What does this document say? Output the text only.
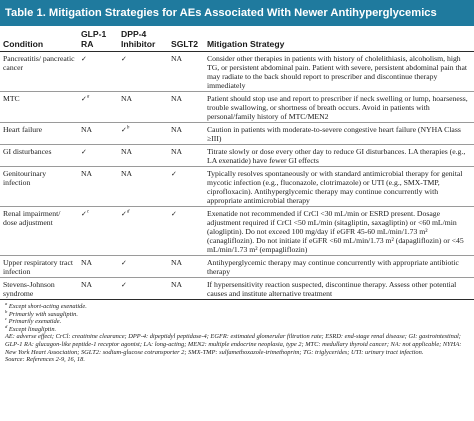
Table 1. Mitigation Strategies for AEs Associated With Newer Antihyperglycemics
Condition	GLP-1 RA	DPP-4 Inhibitor	SGLT2	Mitigation Strategy
Pancreatitis/ pancreatic cancer	✓	✓	NA	Consider other therapies in patients with history of cholelithiasis, alcoholism, high TG, or persistent abdominal pain. Patient with severe, persistent abdominal pain that may radiate to the back should report to prescriber and discontinue therapy immediately
MTC	✓$^a$	NA	NA	Patient should stop use and report to prescriber if neck swelling or lump, hoarseness, trouble swallowing, or shortness of breath occurs. Avoid in patients with personal/family history of MTC/MEN2
Heart failure	NA	✓$^b$	NA	Caution in patients with moderate-to-severe congestive heart failure (NYHA Class ≥III)
GI disturbances	✓	NA	NA	Titrate slowly or dose every other day to reduce GI disturbances. LA therapies (e.g., LA exenatide) have fewer GI effects
Genitourinary infection	NA	NA	✓	Typically resolves spontaneously or with standard antimicrobial therapy for genital mycotic infection (e.g., fluconazole, clotrimazole) or UTI (e.g., SMX-TMP, ciprofloxacin). Antihyperglycemic therapy may continue concurrently with appropriate antimicrobial therapy
Renal impairment/ dose adjustment	✓$^c$	✓$^d$	✓	Exenatide not recommended if CrCl <30 mL/min or ESRD present. Dosage adjustment required if CrCl <50 mL/min (sitagliptin, saxagliptin) or <60 mL/min (alogliptin). Do not exceed 100 mg/day if eGFR 45-60 mL/min/1.73 m² (canagliflozin). Do not initiate if eGFR <60 mL/min/1.73 m² (dapagliflozin) or <45 mL/min/1.73 m² (empagliflozin)
Upper respiratory tract infection	NA	✓	NA	Antihyperglycemic therapy may continue concurrently with appropriate antibiotic therapy
Stevens-Johnson syndrome	NA	✓	NA	If hypersensitivity reaction suspected, discontinue therapy. Assess other potential causes and institute alternative treatment
$^a$ Except short-acting exenatide.
$^b$ Primarily with saxagliptin.
$^c$ Primarily exenatide.
$^d$ Except linagliptin.
AE: adverse effect; CrCl: creatinine clearance; DPP-4: dipeptidyl peptidase-4; EGFR: estimated glomerular filtration rate; ESRD: end-stage renal disease; GI: gastrointestinal; GLP-1 RA: glucagon-like peptide-1 receptor agonist; LA: long-acting; MEN2: multiple endocrine neoplasia, type 2; MTC: medullary thyroid cancer; NA: not applicable; NYHA: New York Heart Association; SGLT2: sodium-glucose cotransporter 2; SMX-TMP: sulfamethoxazole-trimethoprim; TG: triglycerides; UTI: urinary tract infection.
Source: References 2-9, 16, 18.
